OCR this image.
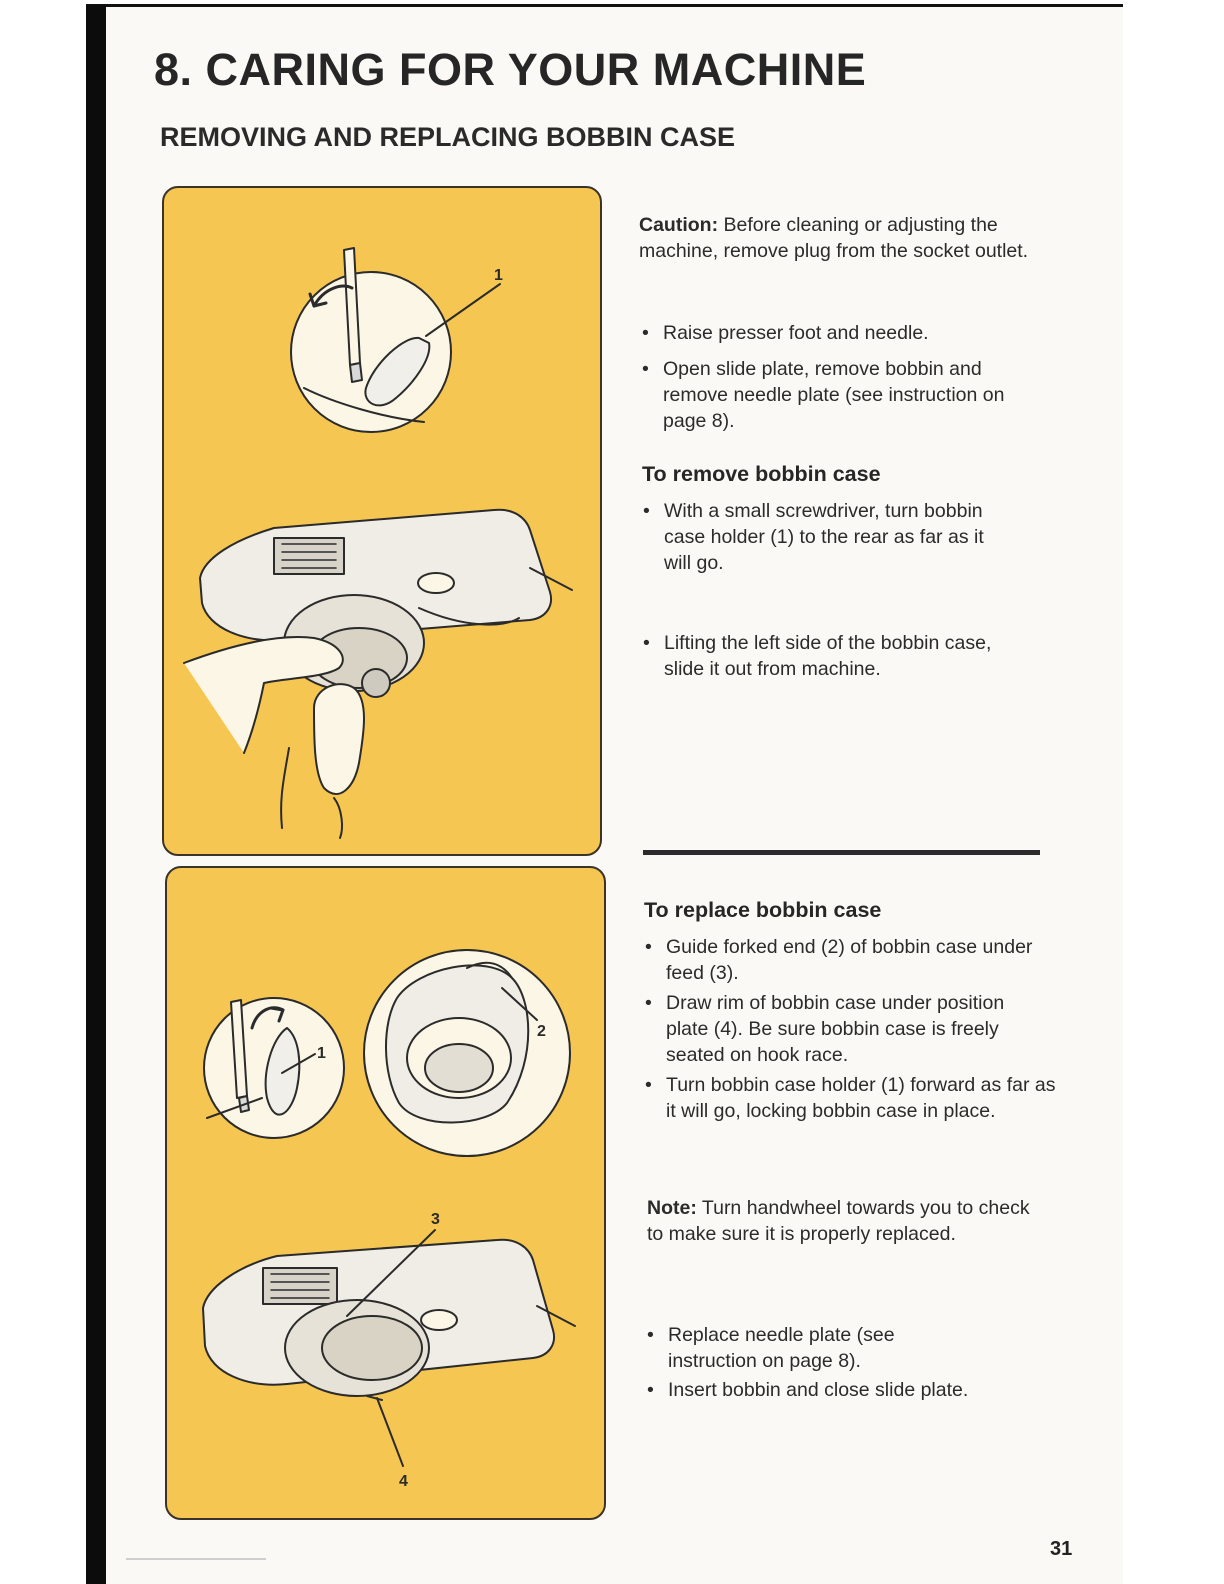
8. CARING FOR YOUR MACHINE
REMOVING AND REPLACING BOBBIN CASE
1
1
2
3
4
Caution: Before cleaning or adjusting the machine, remove plug from the socket outlet.
• Raise presser foot and needle.
• Open slide plate, remove bobbin and remove needle plate (see instruction on page 8).
To remove bobbin case
• With a small screwdriver, turn bobbin case holder (1) to the rear as far as it will go.
• Lifting the left side of the bobbin case, slide it out from machine.
To replace bobbin case
• Guide forked end (2) of bobbin case under feed (3).
• Draw rim of bobbin case under position plate (4). Be sure bobbin case is freely seated on hook race.
• Turn bobbin case holder (1) forward as far as it will go, locking bobbin case in place.
Note: Turn handwheel towards you to check to make sure it is properly replaced.
• Replace needle plate (see instruction on page 8).
• Insert bobbin and close slide plate.
31
